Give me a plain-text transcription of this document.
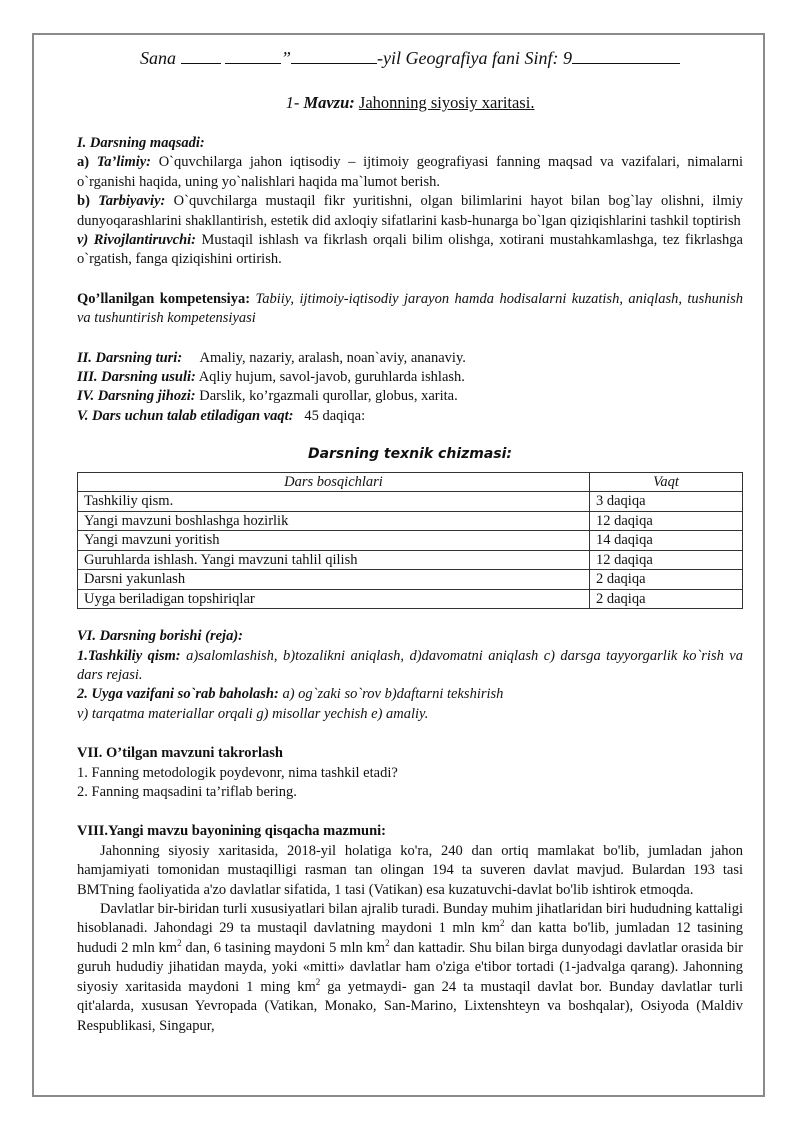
Sana	”	-yil Geografiya fani Sinf: 9
1- Mavzu: Jahonning siyosiy xaritasi.

I. Darsning maqsadi:

a) Ta’limiy: O`quvchilarga jahon iqtisodiy – ijtimoiy geografiyasi fanning maqsad va vazifalari, nimalarni o`rganishi haqida, uning yo`nalishlari haqida ma`lumot berish.

b) Tarbiyaviy: O`quvchilarga mustaqil fikr yuritishni, olgan bilimlarini hayot bilan bog`lay olishni, ilmiy dunyoqarashlarini shakllantirish, estetik did axloqiy sifatlarini kasb-hunarga bo`lgan qiziqishlarini tashkil toptirish

v) Rivojlantiruvchi: Mustaqil ishlash va fikrlash orqali bilim olishga, xotirani mustahkamlashga, tez fikrlashga o`rgatish, fanga qiziqishini ortirish.

Qo’llanilgan kompetensiya: Tabiiy, ijtimoiy-iqtisodiy jarayon hamda hodisalarni kuzatish, aniqlash, tushunish va tushuntirish kompetensiyasi

II. Darsning turi: Amaliy, nazariy, aralash, noan`aviy, ananaviy.

III. Darsning usuli: Aqliy hujum, savol-javob, guruhlarda ishlash.

IV. Darsning jihozi: Darslik, ko’rgazmali qurollar, globus, xarita.

V. Dars uchun talab etiladigan vaqt: 45 daqiqa:

Darsning texnik chizmasi:
Dars bosqichlari	Vaqt
Tashkiliy qism.	3 daqiqa
Yangi mavzuni boshlashga hozirlik	12 daqiqa
Yangi mavzuni yoritish	14 daqiqa
Guruhlarda ishlash. Yangi mavzuni tahlil qilish	12 daqiqa
Darsni yakunlash	2 daqiqa
Uyga beriladigan topshiriqlar	2 daqiqa

VI. Darsning borishi (reja):

1.Tashkiliy qism: a)salomlashish, b)tozalikni aniqlash, d)davomatni aniqlash c) darsga tayyorgarlik ko`rish va dars rejasi.

2. Uyga vazifani so`rab baholash: a) og`zaki so`rov b)daftarni tekshirish

v) tarqatma materiallar orqali g) misollar yechish e) amaliy.

VII. O’tilgan mavzuni takrorlash

1. Fanning metodologik poydevonr, nima tashkil etadi?

2. Fanning maqsadini ta’riflab bering.

VIII.Yangi mavzu bayonining qisqacha mazmuni:

Jahonning siyosiy xaritasida, 2018-yil holatiga ko'ra, 240 dan ortiq mamlakat bo'lib, jumladan jahon hamjamiyati tomonidan mustaqilligi rasman tan olingan 194 ta suveren davlat mavjud. Bulardan 193 tasi BMTning faoliyatida a'zo davlatlar sifatida, 1 tasi (Vatikan) esa kuzatuvchi-davlat bo'lib ishtirok etmoqda.

Davlatlar bir-biridan turli xususiyatlari bilan ajralib turadi. Bunday muhim jihatlaridan biri hududning kattaligi hisoblanadi. Jahondagi 29 ta mustaqil davlatning maydoni 1 mln $km^2$ dan katta bo'lib, jumladan 12 tasining hududi 2 mln $km^2$ dan, 6 tasining maydoni 5 mln $km^2$ dan kattadir. Shu bilan birga dunyodagi davlatlar orasida bir guruh hududiy jihatidan mayda, yoki «mitti» davlatlar ham o'ziga e'tibor tortadi (1-jadvalga qarang). Jahonning siyosiy xaritasida maydoni 1 ming $km^2$ ga yetmaydi- gan 24 ta mustaqil davlat bor. Bunday davlatlar turli qit'alarda, xususan Yevropada (Vatikan, Monako, San-Marino, Lixtenshteyn va boshqalar), Osiyoda (Maldiv Respublikasi, Singapur,
